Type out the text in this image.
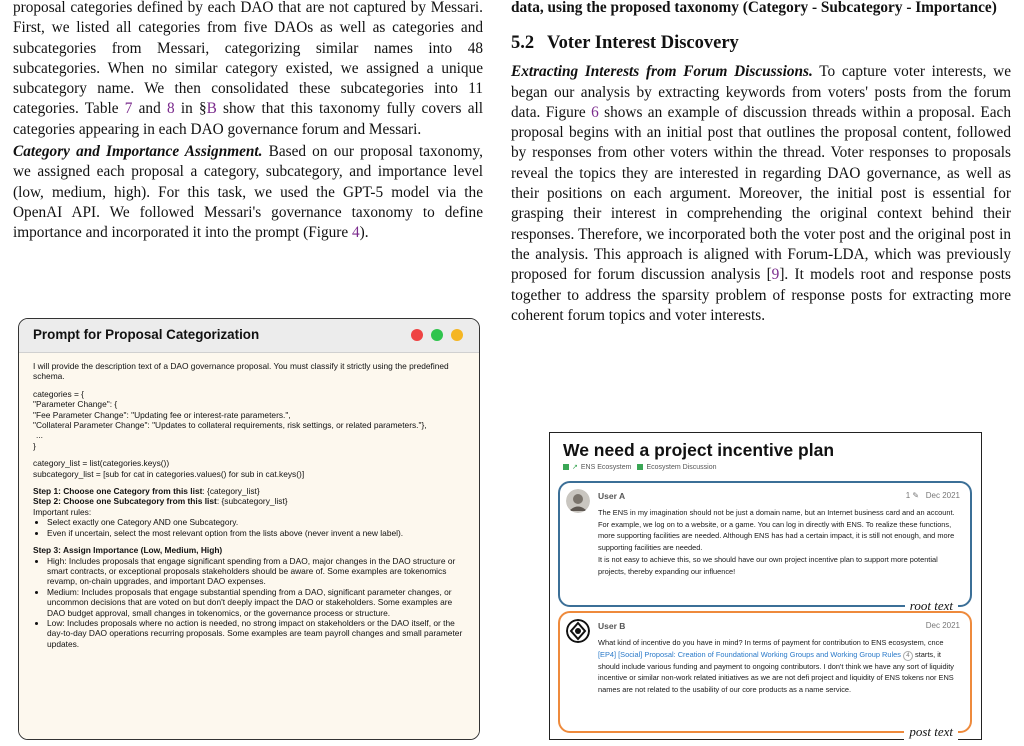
proposal categories defined by each DAO that are not captured by Messari. First, we listed all categories from five DAOs as well as categories and subcategories from Messari, categorizing similar names into 48 subcategories. When no similar category existed, we assigned a unique subcategory name. We then consolidated these subcategories into 11 categories. Table 7 and 8 in §B show that this taxonomy fully covers all categories appearing in each DAO governance forum and Messari.

Category and Importance Assignment. Based on our proposal taxonomy, we assigned each proposal a category, subcategory, and importance level (low, medium, high). For this task, we used the GPT-5 model via the OpenAI API. We followed Messari's governance taxonomy to define importance and incorporated it into the prompt (Figure 4).

Prompt for Proposal Categorization

I will provide the description text of a DAO governance proposal. You must classify it strictly using the predefined schema.

categories = {

"Parameter Change": {

"Fee Parameter Change": "Updating fee or interest-rate parameters.",

"Collateral Parameter Change": "Updates to collateral requirements, risk settings, or related parameters."},

...

}

category_list = list(categories.keys())

subcategory_list = [sub for cat in categories.values() for sub in cat.keys()]

Step 1: Choose one Category from this list: {category_list}

Step 2: Choose one Subcategory from this list: {subcategory_list}

Important rules:

• Select exactly one Category AND one Subcategory.
• Even if uncertain, select the most relevant option from the lists above (never invent a new label).

Step 3: Assign Importance (Low, Medium, High)

• High: Includes proposals that engage significant spending from a DAO, major changes in the DAO structure or smart contracts, or exceptional proposals stakeholders should be aware of. Some examples are tokenomics revamp, on-chain upgrades, and important DAO expenses.
• Medium: Includes proposals that engage substantial spending from a DAO, significant parameter changes, or uncommon decisions that are voted on but don't deeply impact the DAO or stakeholders. Some examples are DAO budget approval, small changes in tokenomics, or the governance process or structure.
• Low: Includes proposals where no action is needed, no strong impact on stakeholders or the DAO itself, or the day-to-day DAO operations recurring proposals. Some examples are team payroll changes and small parameter updates.

data, using the proposed taxonomy (Category - Subcategory - Importance)

5.2 Voter Interest Discovery

Extracting Interests from Forum Discussions. To capture voter interests, we began our analysis by extracting keywords from voters' posts from the forum data. Figure 6 shows an example of discussion threads within a proposal. Each proposal begins with an initial post that outlines the proposal content, followed by responses from other voters within the thread. Voter responses to proposals reveal the topics they are interested in regarding DAO governance, as well as their positions on each argument. Moreover, the initial post is essential for grasping their interest in comprehending the original context behind their responses. Therefore, we incorporated both the voter post and the original post in the analysis. This approach is aligned with Forum-LDA, which was previously proposed for forum discussion analysis [9]. It models root and response posts together to address the sparsity problem of response posts for extracting more coherent forum topics and voter interests.

We need a project incentive plan
↗ ENS Ecosystem Ecosystem Discussion
User A	1 ✎ Dec 2021

The ENS in my imagination should not be just a domain name, but an Internet business card and an account. For example, we log on to a website, or a game. You can log in directly with ENS. To realize these functions, more supporting facilities are needed. Although ENS has had a certain impact, it is still not enough, and more supporting facilities are needed.

It is not easy to achieve this, so we should have our own project incentive plan to support more potential projects, thereby expanding our influence!

root text
User B	Dec 2021

What kind of incentive do you have in mind? In terms of payment for contribution to ENS ecosystem, cnce [EP4] [Social] Proposal: Creation of Foundational Working Groups and Working Group Rules 4 starts, it should include various funding and payment to ongoing contributors. I don't think we have any sort of liquidity incentive or similar non-work related initiatives as we are not defi project and liquidity of ENS tokens nor ENS names are not related to the usability of our core products as a name service.

post text
